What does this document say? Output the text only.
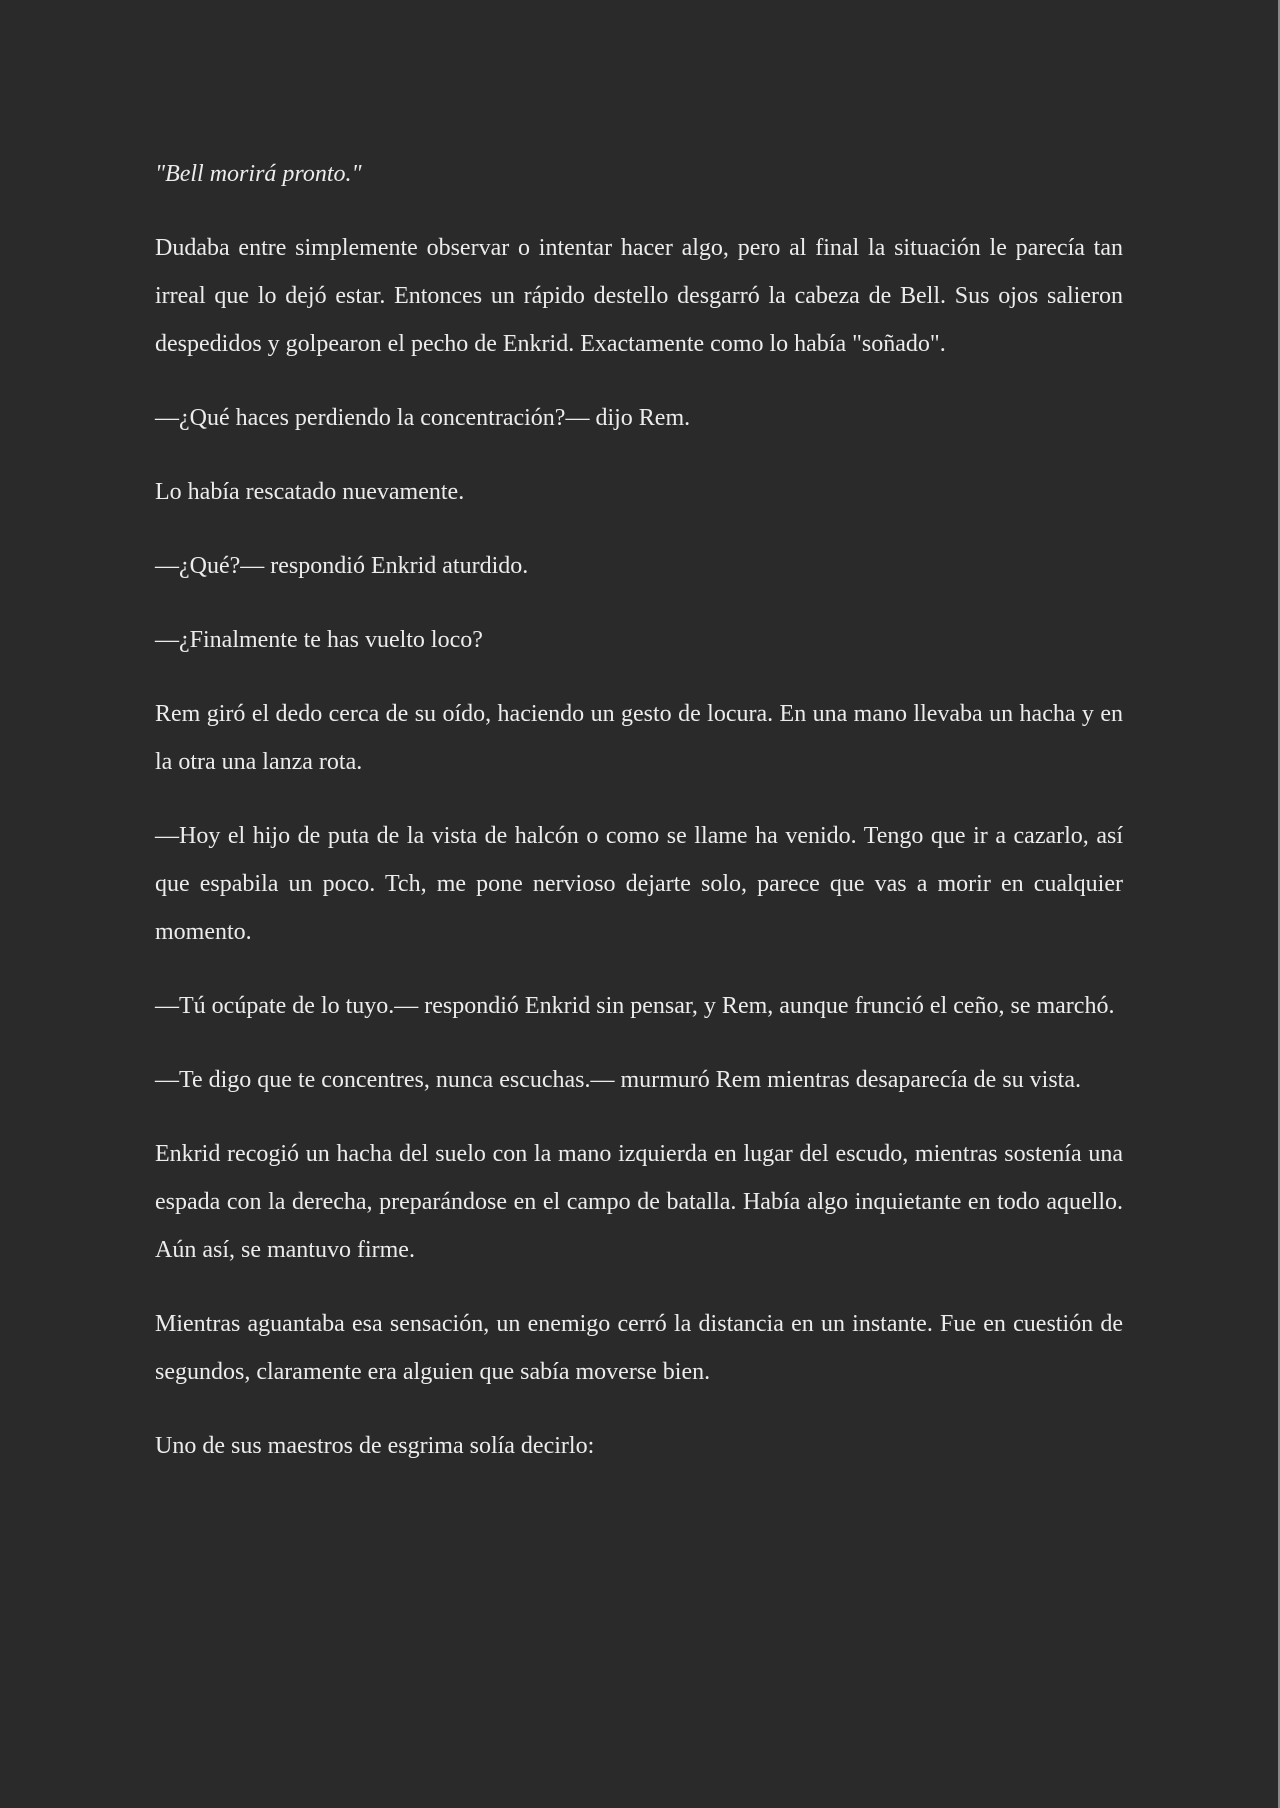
"Bell morirá pronto."

Dudaba entre simplemente observar o intentar hacer algo, pero al final la situación le parecía tan irreal que lo dejó estar. Entonces un rápido destello desgarró la cabeza de Bell. Sus ojos salieron despedidos y golpearon el pecho de Enkrid. Exactamente como lo había "soñado".

—¿Qué haces perdiendo la concentración?— dijo Rem.

Lo había rescatado nuevamente.

—¿Qué?— respondió Enkrid aturdido.

—¿Finalmente te has vuelto loco?

Rem giró el dedo cerca de su oído, haciendo un gesto de locura. En una mano llevaba un hacha y en la otra una lanza rota.

—Hoy el hijo de puta de la vista de halcón o como se llame ha venido. Tengo que ir a cazarlo, así que espabila un poco. Tch, me pone nervioso dejarte solo, parece que vas a morir en cualquier momento.

—Tú ocúpate de lo tuyo.— respondió Enkrid sin pensar, y Rem, aunque frunció el ceño, se marchó.

—Te digo que te concentres, nunca escuchas.— murmuró Rem mientras desaparecía de su vista.

Enkrid recogió un hacha del suelo con la mano izquierda en lugar del escudo, mientras sostenía una espada con la derecha, preparándose en el campo de batalla. Había algo inquietante en todo aquello. Aún así, se mantuvo firme.

Mientras aguantaba esa sensación, un enemigo cerró la distancia en un instante. Fue en cuestión de segundos, claramente era alguien que sabía moverse bien.

Uno de sus maestros de esgrima solía decirlo:
